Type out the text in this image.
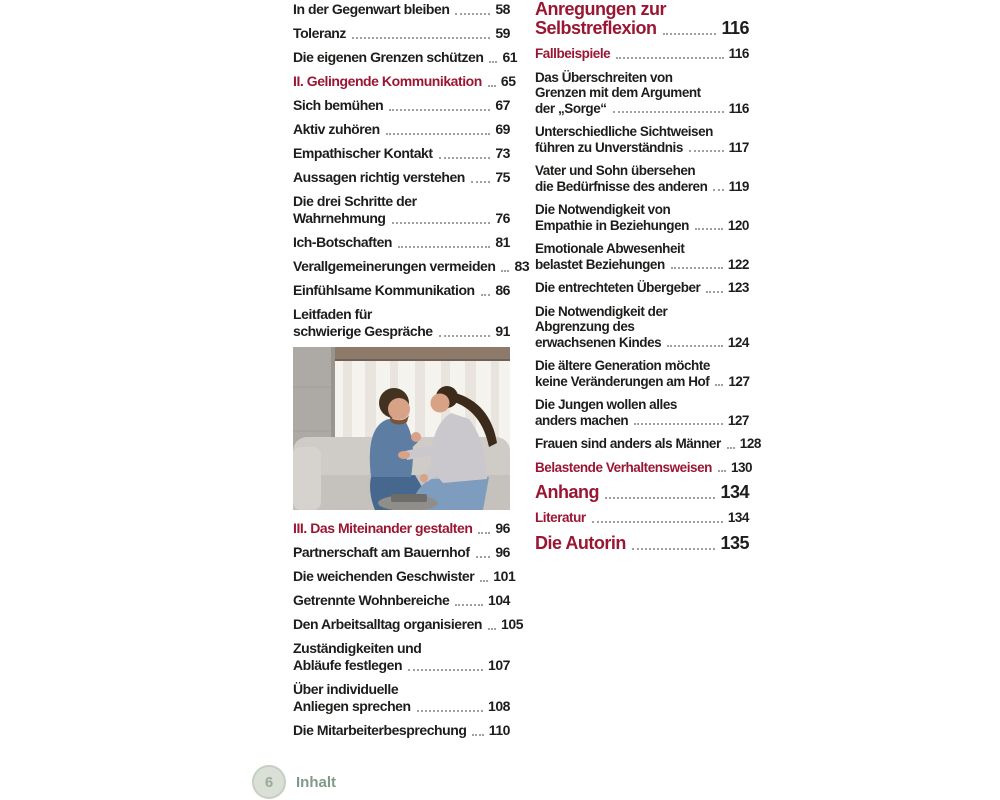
In der Gegenwart bleiben	58
Toleranz	59
Die eigenen Grenzen schützen 61
II. Gelingende Kommunikation 65
Sich bemühen	67
Aktiv zuhören	69
Empathischer Kontakt	73
Aussagen richtig verstehen 75
Die drei Schritte der
Wahrnehmung	76
Ich-Botschaften	81
Verallgemeinerungen vermeiden 83
Einfühlsame Kommunikation 86
Leitfaden für
schwierige Gespräche	91
III. Das Miteinander gestalten 96
Partnerschaft am Bauernhof 96
Die weichenden Geschwister 101
Getrennte Wohnbereiche	104
Den Arbeitsalltag organisieren 105
Zuständigkeiten und
Abläufe festlegen	107
Über individuelle
Anliegen sprechen	108
Die Mitarbeiterbesprechung 110
Anregungen zur
Selbstreflexion	116
Fallbeispiele	116
Das Überschreiten von
Grenzen mit dem Argument
der „Sorge“	116
Unterschiedliche Sichtweisen
führen zu Unverständnis	117
Vater und Sohn übersehen
die Bedürfnisse des anderen 119
Die Notwendigkeit von
Empathie in Beziehungen	120
Emotionale Abwesenheit
belastet Beziehungen	122
Die entrechteten Übergeber 123
Die Notwendigkeit der
Abgrenzung des
erwachsenen Kindes	124
Die ältere Generation möchte
keine Veränderungen am Hof 127
Die Jungen wollen alles
anders machen	127
Frauen sind anders als Männer 128
Belastende Verhaltensweisen 130
Anhang	134
Literatur	134
Die Autorin	135
6 Inhalt
